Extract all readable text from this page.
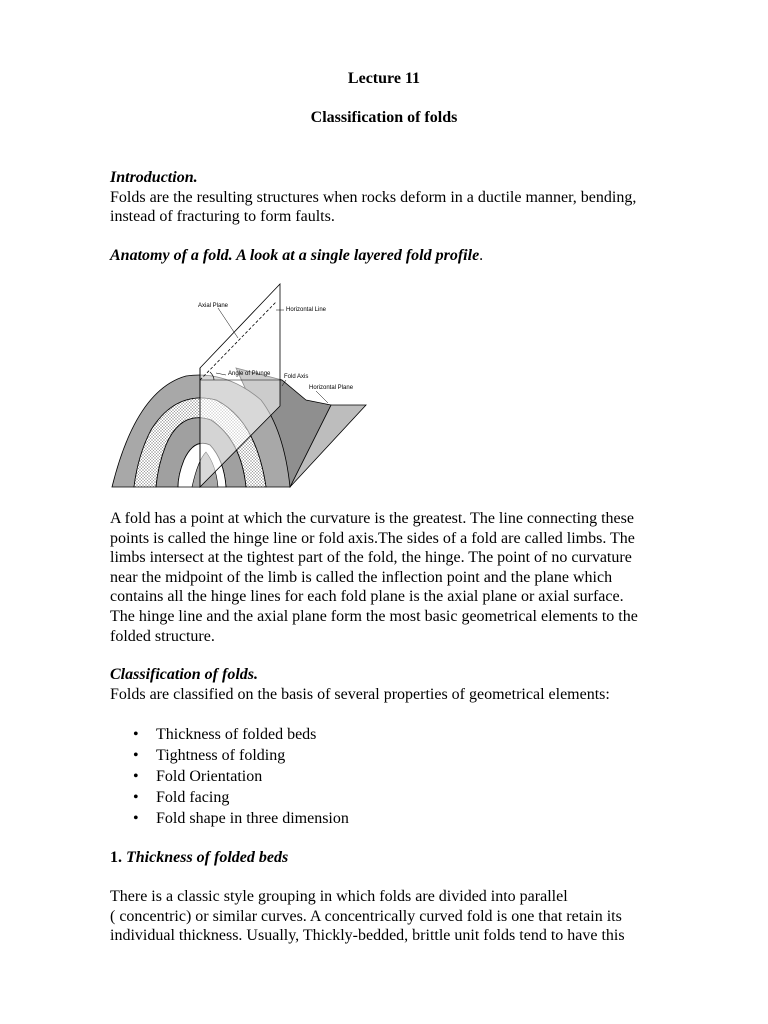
Lecture 11
Classification of folds
Introduction.
Folds are the resulting structures when rocks deform in a ductile manner, bending,
instead of fracturing to form faults.
Anatomy of a fold. A look at a single layered fold profile.
Axial Plane
Horizontal Line
Angle of Plunge Fold Axis
Horizontal Plane
A fold has a point at which the curvature is the greatest. The line connecting these
points is called the hinge line or fold axis.The sides of a fold are called limbs. The
limbs intersect at the tightest part of the fold, the hinge. The point of no curvature
near the midpoint of the limb is called the inflection point and the plane which
contains all the hinge lines for each fold plane is the axial plane or axial surface.
The hinge line and the axial plane form the most basic geometrical elements to the
folded structure.
Classification of folds.
Folds are classified on the basis of several properties of geometrical elements:
• Thickness of folded beds
• Tightness of folding
• Fold Orientation
• Fold facing
• Fold shape in three dimension
1. Thickness of folded beds
There is a classic style grouping in which folds are divided into parallel
( concentric) or similar curves. A concentrically curved fold is one that retain its
individual thickness. Usually, Thickly-bedded, brittle unit folds tend to have this
